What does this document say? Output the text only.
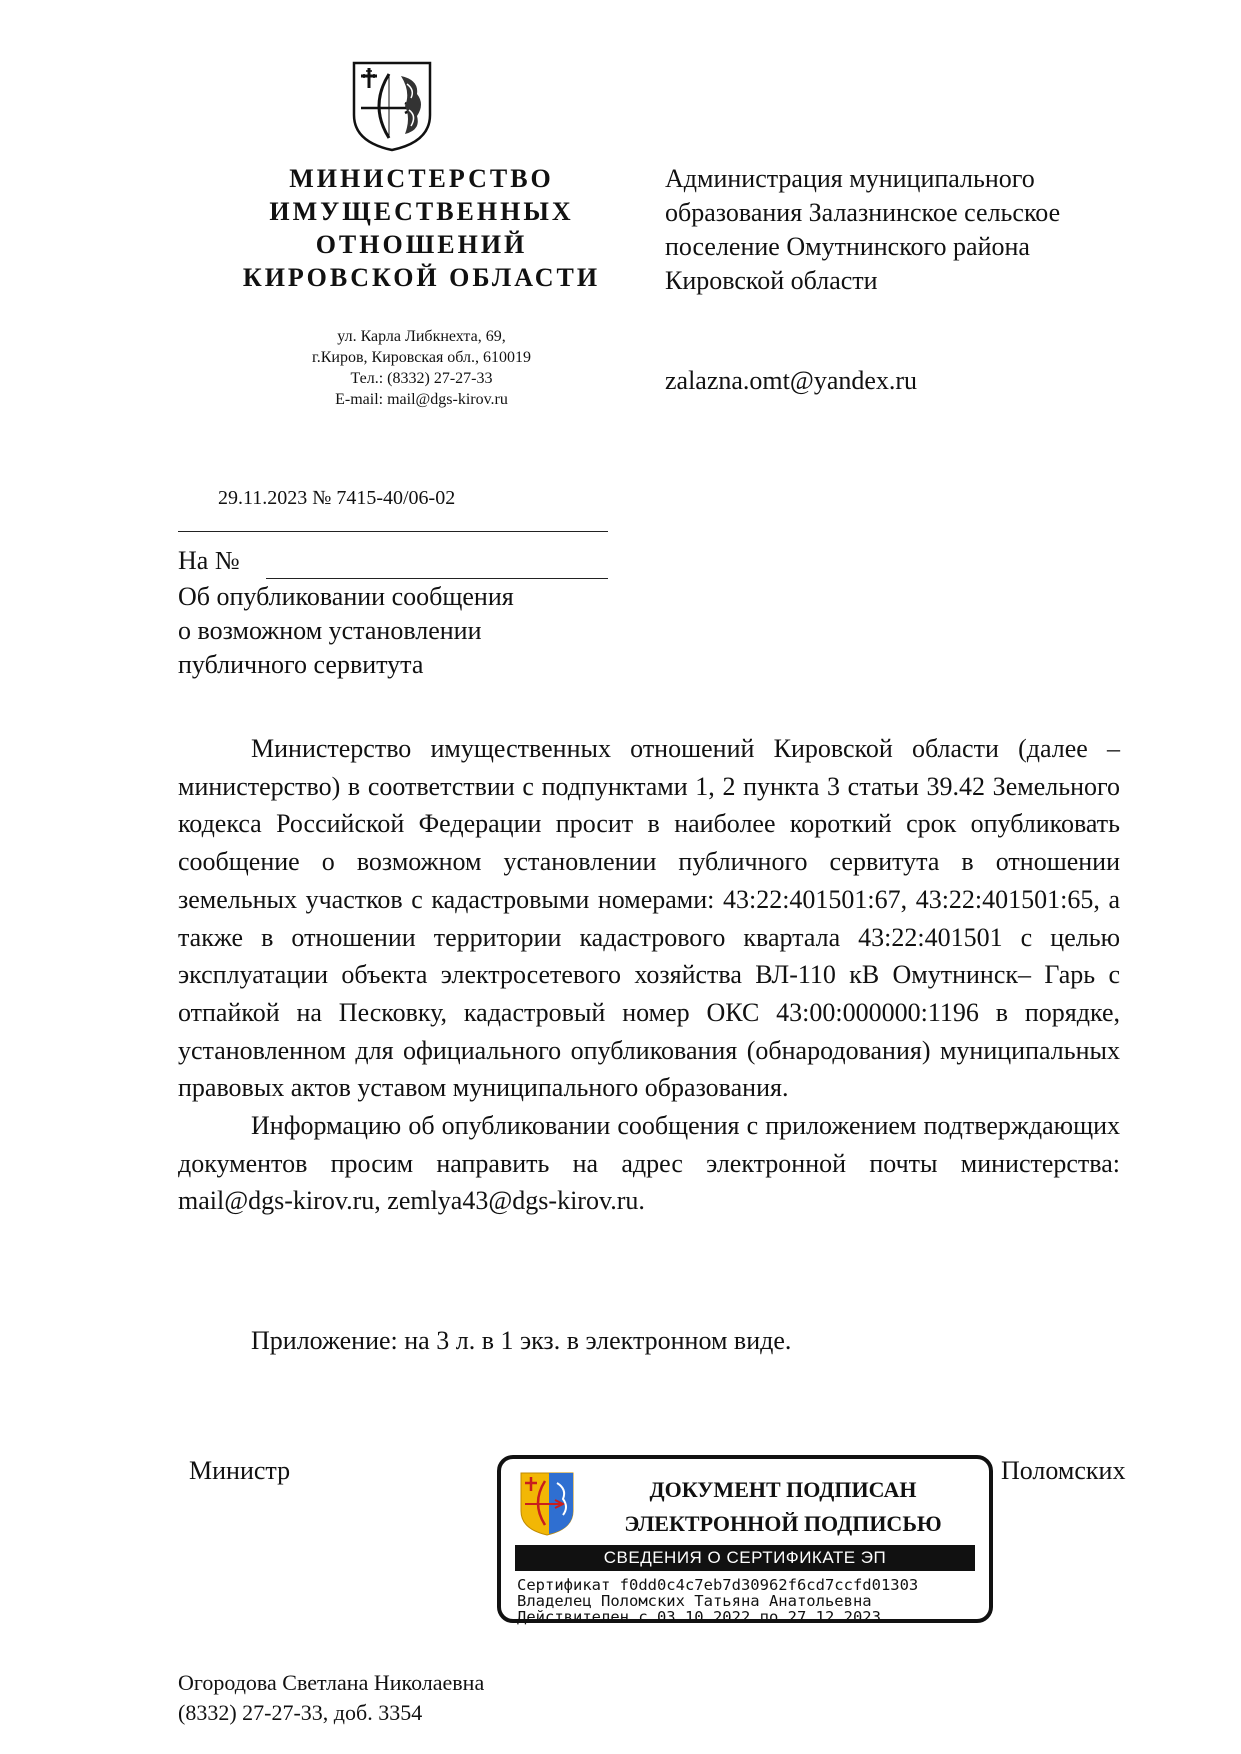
МИНИСТЕРСТВО
ИМУЩЕСТВЕННЫХ
ОТНОШЕНИЙ
КИРОВСКОЙ ОБЛАСТИ
ул. Карла Либкнехта, 69,
г.Киров, Кировская обл., 610019
Тел.: (8332) 27-27-33
E-mail: mail@dgs-kirov.ru
Администрация муниципального
образования Залазнинское сельское
поселение Омутнинского района
Кировской области
zalazna.omt@yandex.ru
29.11.2023 № 7415-40/06-02
На №
Об опубликовании сообщения
о возможном установлении
публичного сервитута

Министерство имущественных отношений Кировской области (далее – министерство) в соответствии с подпунктами 1, 2 пункта 3 статьи 39.42 Земельного кодекса Российской Федерации просит в наиболее короткий срок опубликовать сообщение о возможном установлении публичного сервитута в отношении земельных участков с кадастровыми номерами: 43:22:401501:67, 43:22:401501:65, а также в отношении территории кадастрового квартала 43:22:401501 с целью эксплуатации объекта электросетевого хозяйства ВЛ-110 кВ Омутнинск– Гарь с отпайкой на Песковку, кадастровый номер ОКС 43:00:000000:1196 в порядке, установленном для официального опубликования (обнародования) муниципальных правовых актов уставом муниципального образования.

Информацию об опубликовании сообщения с приложением подтверждающих документов просим направить на адрес электронной почты министерства: mail@dgs-kirov.ru, zemlya43@dgs-kirov.ru.

Приложение: на 3 л. в 1 экз. в электронном виде.
Министр	Поломских
ДОКУМЕНТ ПОДПИСАН
ЭЛЕКТРОННОЙ ПОДПИСЬЮ
СВЕДЕНИЯ О СЕРТИФИКАТЕ ЭП
Сертификат f0dd0c4c7eb7d30962f6cd7ccfd01303
Владелец Поломских Татьяна Анатольевна
Действителен с 03.10.2022 по 27.12.2023
Огородова Светлана Николаевна
(8332) 27-27-33, доб. 3354
